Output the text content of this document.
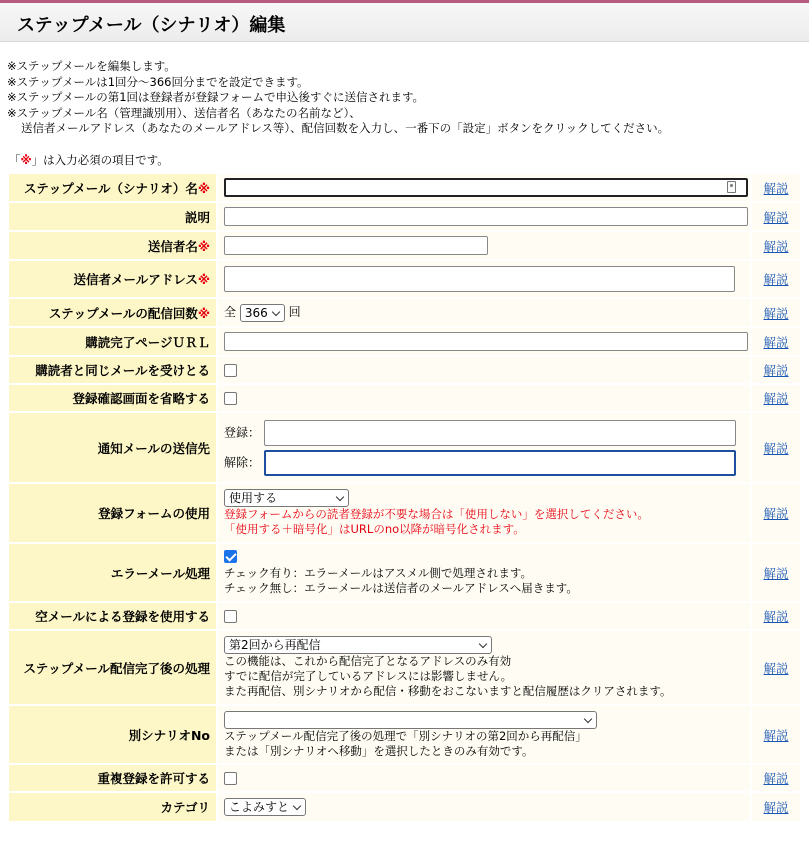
ステップメール（シナリオ）編集
※ステップメールを編集します。
※ステップメールは1回分〜366回分までを設定できます。
※ステップメールの第1回は登録者が登録フォームで申込後すぐに送信されます。
※ステップメール名（管理識別用）、送信者名（あなたの名前など）、
送信者メールアドレス（あなたのメールアドレス等）、配信回数を入力し、一番下の「設定」ボタンをクリックしてください。
「※」は入力必須の項目です。
ステップメール（シナリオ）名※		解説
説明		解説
送信者名※		解説
送信者メールアドレス※		解説
ステップメールの配信回数※	全 366 回	解説
購読完了ページＵＲＬ		解説
購読者と同じメールを受けとる		解説
登録確認画面を省略する		解説
通知メールの送信先	登録：
解除：	解説
登録フォームの使用	使用する
登録フォームからの読者登録が不要な場合は「使用しない」を選択してください。
「使用する＋暗号化」はURLのno以降が暗号化されます。	解説
エラーメール処理	チェック有り：エラーメールはアスメル側で処理されます。
チェック無し：エラーメールは送信者のメールアドレスへ届きます。	解説
空メールによる登録を使用する		解説
ステップメール配信完了後の処理	第2回から再配信
この機能は、これから配信完了となるアドレスのみ有効
すでに配信が完了しているアドレスには影響しません。
また再配信、別シナリオから配信・移動をおこないますと配信履歴はクリアされます。	解説
別シナリオNo	ステップメール配信完了後の処理で「別シナリオの第2回から再配信」
または「別シナリオへ移動」を選択したときのみ有効です。	解説
重複登録を許可する		解説
カテゴリ	こよみすと	解説
